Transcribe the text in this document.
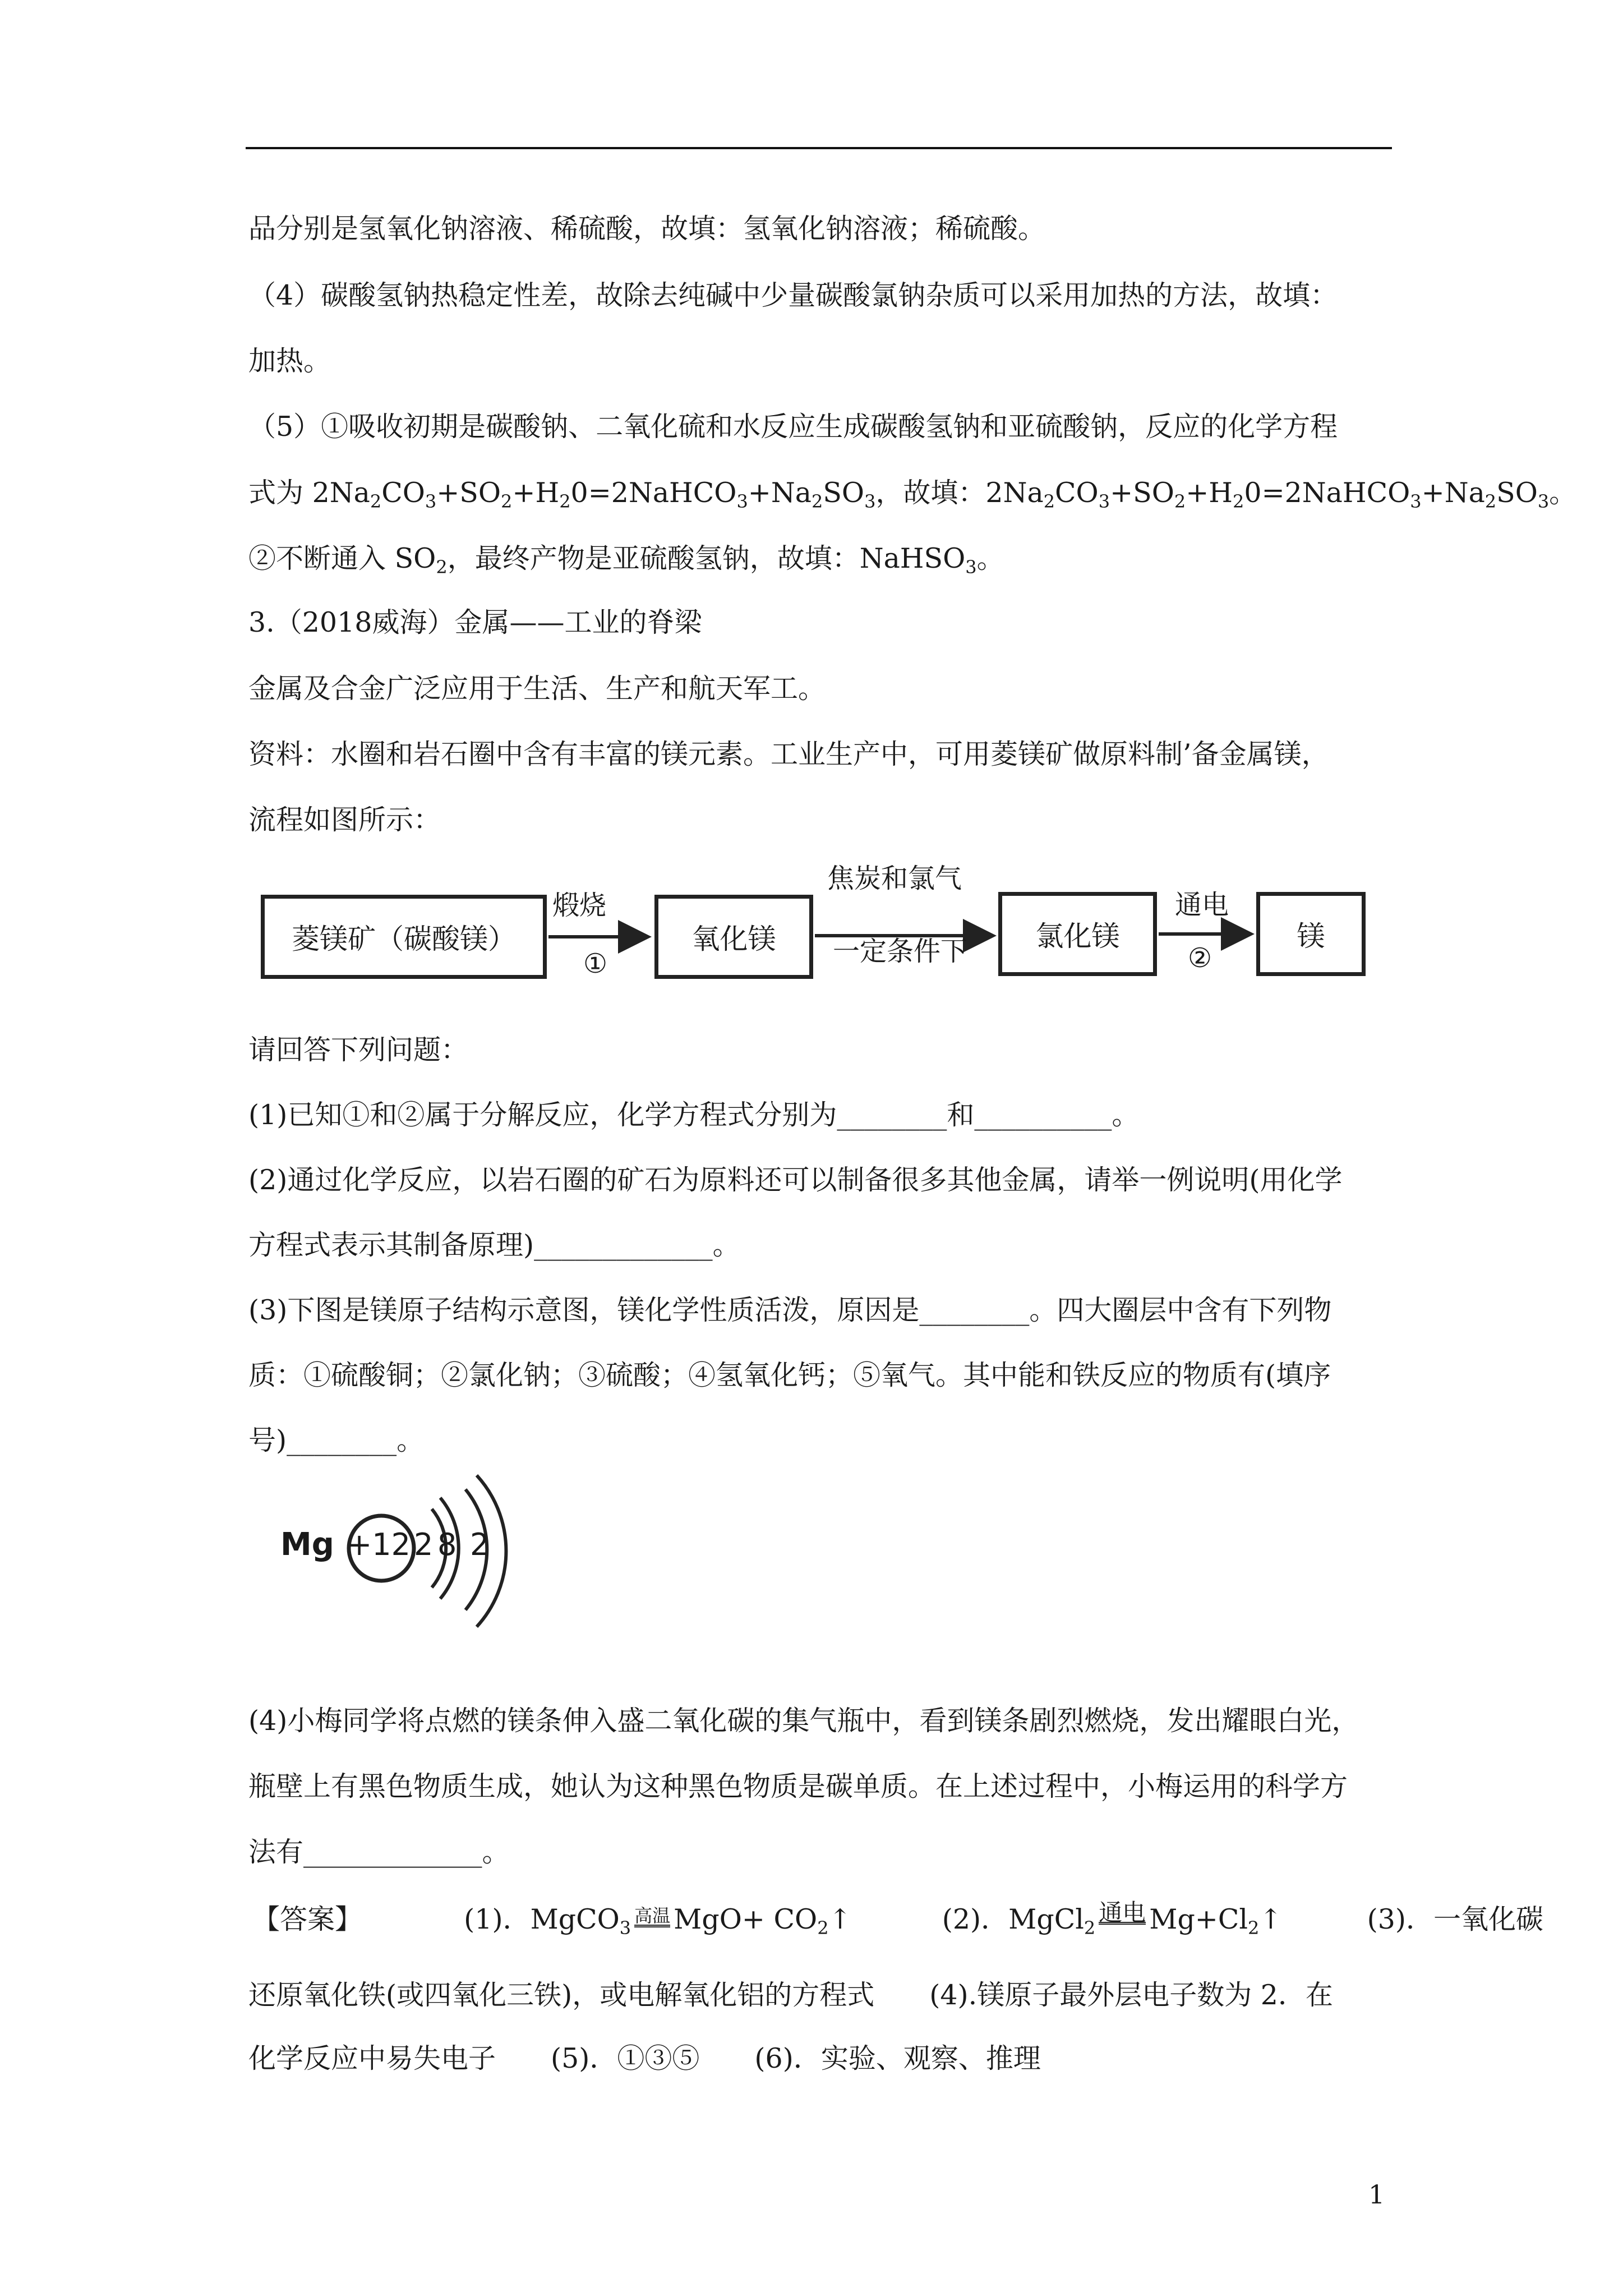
品分别是氢氧化钠溶液、稀硫酸，故填：氢氧化钠溶液；稀硫酸。
（4）碳酸氢钠热稳定性差，故除去纯碱中少量碳酸氯钠杂质可以采用加热的方法，故填：
加热。
（5）①吸收初期是碳酸钠、二氧化硫和水反应生成碳酸氢钠和亚硫酸钠，反应的化学方程
式为 $2Na_2CO_3+SO_2+H_20=2NaHCO_3+Na_2SO_3$，故填：$2Na_2CO_3+SO_2+H_20=2NaHCO_3+Na_2SO_3$。
②不断通入 $SO_2$，最终产物是亚硫酸氢钠，故填：NaHSO$_3$。
3.（2018威海）金属——工业的脊梁
金属及合金广泛应用于生活、生产和航天军工。
资料：水圈和岩石圈中含有丰富的镁元素。工业生产中，可用菱镁矿做原料制’备金属镁，
流程如图所示：
菱镁矿（碳酸镁）	氧化镁	氯化镁	镁
煅烧
①
焦炭和氯气
一定条件下
通电
②
请回答下列问题：
(1)已知①和②属于分解反应，化学方程式分别为________和__________。
(2)通过化学反应，以岩石圈的矿石为原料还可以制备很多其他金属，请举一例说明(用化学
方程式表示其制备原理)_____________。
(3)下图是镁原子结构示意图，镁化学性质活泼，原因是________。四大圈层中含有下列物
质：①硫酸铜；②氯化钠；③硫酸；④氢氧化钙；⑤氧气。其中能和铁反应的物质有(填序
号)________。
Mg +12 2 8 2
(4)小梅同学将点燃的镁条伸入盛二氧化碳的集气瓶中，看到镁条剧烈燃烧，发出耀眼白光，
瓶壁上有黑色物质生成，她认为这种黑色物质是碳单质。在上述过程中，小梅运用的科学方
法有_____________。
【答案】	(1)．MgCO$_3$高温 $MgO+ CO_2↑$	(2)．MgCl$_2$通电 $Mg+Cl_2↑$	(3)．一氧化碳
还原氧化铁(或四氧化三铁)，或电解氧化铝的方程式　　(4).镁原子最外层电子数为 2．在
化学反应中易失电子　　(5)．①③⑤　　(6)．实验、观察、推理
1
